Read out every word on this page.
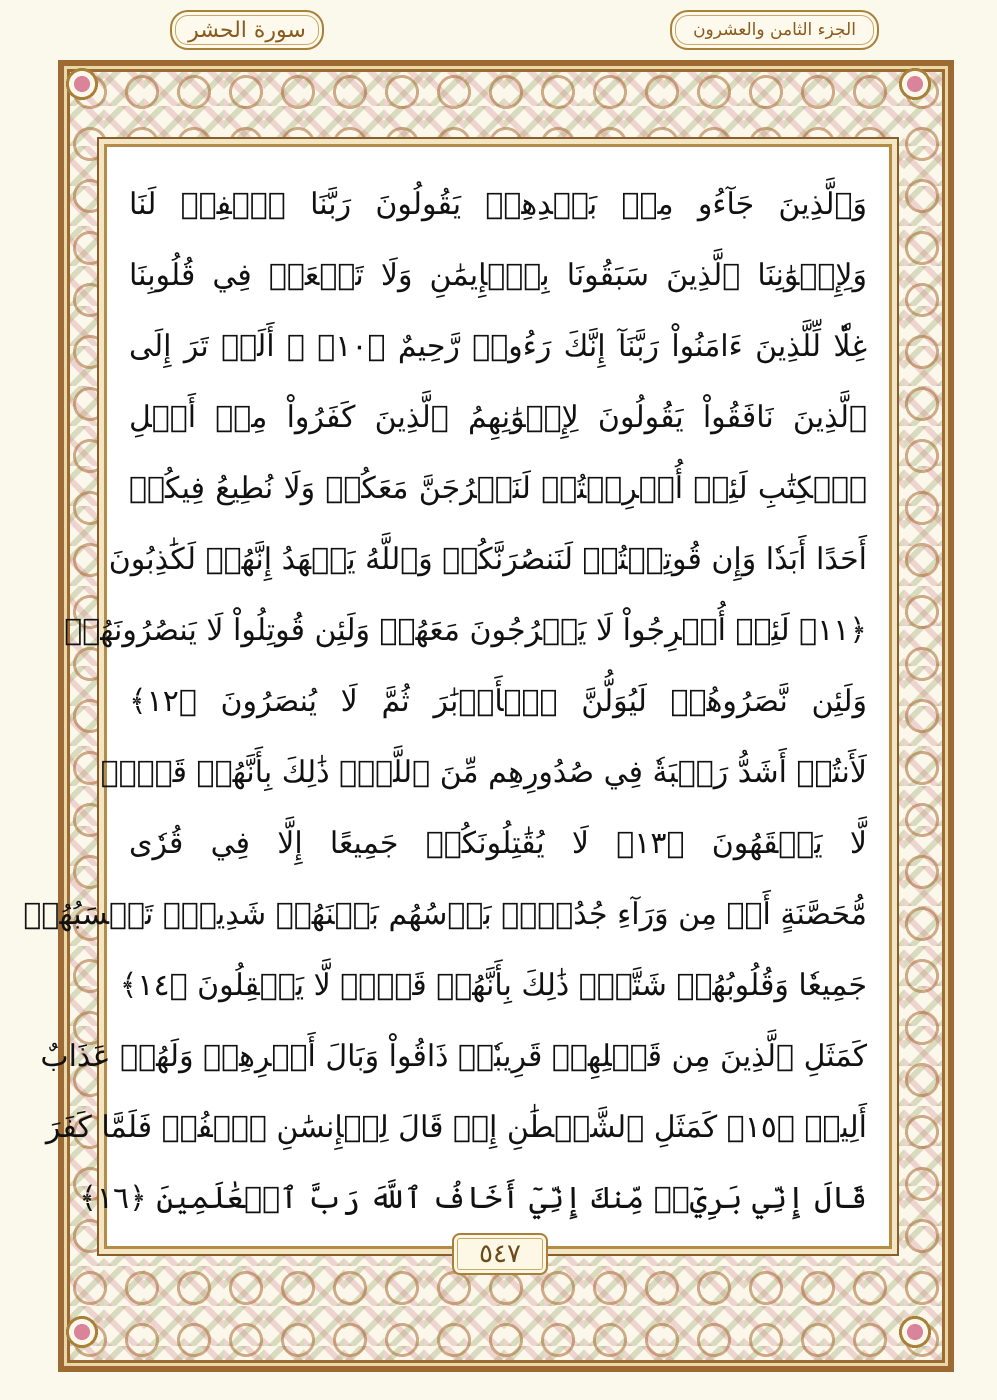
سورة الحشر	الجزء الثامن والعشرون
وَٱلَّذِينَ جَآءُو مِنۢ بَعۡدِهِمۡ يَقُولُونَ رَبَّنَا ٱغۡفِرۡ لَنَا
وَلِإِخۡوَٰنِنَا ٱلَّذِينَ سَبَقُونَا بِٱلۡإِيمَٰنِ وَلَا تَجۡعَلۡ فِي قُلُوبِنَا
غِلّٗا لِّلَّذِينَ ءَامَنُواْ رَبَّنَآ إِنَّكَ رَءُوفٞ رَّحِيمٌ ﴿١٠﴾ ۞ أَلَمۡ تَرَ إِلَى
ٱلَّذِينَ نَافَقُواْ يَقُولُونَ لِإِخۡوَٰنِهِمُ ٱلَّذِينَ كَفَرُواْ مِنۡ أَهۡلِ
ٱلۡكِتَٰبِ لَئِنۡ أُخۡرِجۡتُمۡ لَنَخۡرُجَنَّ مَعَكُمۡ وَلَا نُطِيعُ فِيكُمۡ
أَحَدًا أَبَدٗا وَإِن قُوتِلۡتُمۡ لَنَنصُرَنَّكُمۡ وَٱللَّهُ يَشۡهَدُ إِنَّهُمۡ لَكَٰذِبُونَ
﴿١١﴾ لَئِنۡ أُخۡرِجُواْ لَا يَخۡرُجُونَ مَعَهُمۡ وَلَئِن قُوتِلُواْ لَا يَنصُرُونَهُمۡ
وَلَئِن نَّصَرُوهُمۡ لَيُوَلُّنَّ ٱلۡأَدۡبَٰرَ ثُمَّ لَا يُنصَرُونَ ﴿١٢﴾
لَأَنتُمۡ أَشَدُّ رَهۡبَةٗ فِي صُدُورِهِم مِّنَ ٱللَّهِۚ ذَٰلِكَ بِأَنَّهُمۡ قَوۡمٞ
لَّا يَفۡقَهُونَ ﴿١٣﴾ لَا يُقَٰتِلُونَكُمۡ جَمِيعًا إِلَّا فِي قُرٗى
مُّحَصَّنَةٍ أَوۡ مِن وَرَآءِ جُدُرِۭۚ بَأۡسُهُم بَيۡنَهُمۡ شَدِيدٞۚ تَحۡسَبُهُمۡ
جَمِيعٗا وَقُلُوبُهُمۡ شَتَّىٰۚ ذَٰلِكَ بِأَنَّهُمۡ قَوۡمٞ لَّا يَعۡقِلُونَ ﴿١٤﴾
كَمَثَلِ ٱلَّذِينَ مِن قَبۡلِهِمۡ قَرِيبٗاۖ ذَاقُواْ وَبَالَ أَمۡرِهِمۡ وَلَهُمۡ عَذَابٌ
أَلِيمٞ ﴿١٥﴾ كَمَثَلِ ٱلشَّيۡطَٰنِ إِذۡ قَالَ لِلۡإِنسَٰنِ ٱكۡفُرۡ فَلَمَّا كَفَرَ
قَالَ إِنِّي بَرِيٓءٞ مِّنكَ إِنِّيٓ أَخَافُ ٱللَّهَ رَبَّ ٱلۡعَٰلَمِينَ ﴿١٦﴾
٥٤٧
